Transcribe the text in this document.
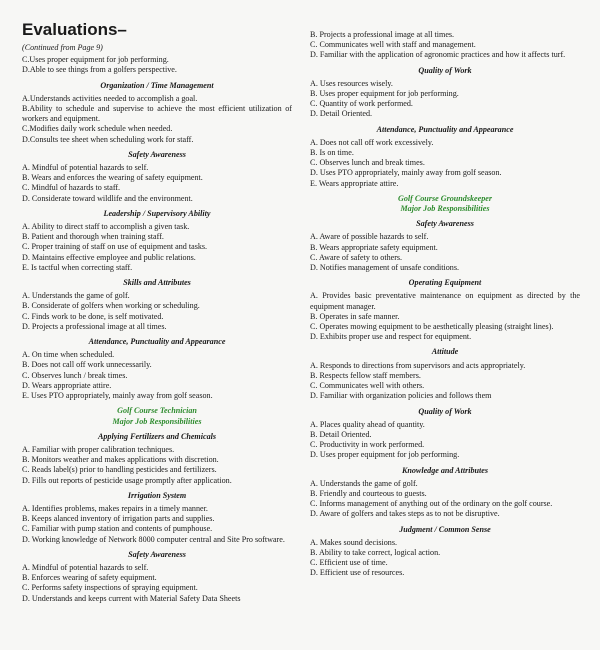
Evaluations–
(Continued from Page 9)

C.Uses proper equipment for job performing.

D.Able to see things from a golfers perspective.

Organization / Time Management

A.Understands activities needed to accomplish a goal.

B.Ability to schedule and supervise to achieve the most efficient utilization of workers and equipment.

C.Modifies daily work schedule when needed.

D.Consults tee sheet when scheduling work for staff.

Safety Awareness

A. Mindful of potential hazards to self.

B. Wears and enforces the wearing of safety equipment.

C. Mindful of hazards to staff.

D. Considerate toward wildlife and the environment.

Leadership / Supervisory Ability

A. Ability to direct staff to accomplish a given task.

B. Patient and thorough when training staff.

C. Proper training of staff on use of equipment and tasks.

D. Maintains effective employee and public relations.

E. Is tactful when correcting staff.

Skills and Attributes

A. Understands the game of golf.

B. Considerate of golfers when working or scheduling.

C. Finds work to be done, is self motivated.

D. Projects a professional image at all times.

Attendance, Punctuality and Appearance

A. On time when scheduled.

B. Does not call off work unnecessarily.

C. Observes lunch / break times.

D. Wears appropriate attire.

E. Uses PTO appropriately, mainly away from golf season.

Golf Course Technician
Major Job Responsibilities
Applying Fertilizers and Chemicals

A. Familiar with proper calibration techniques.

B. Monitors weather and makes applications with discretion.

C. Reads label(s) prior to handling pesticides and fertilizers.

D. Fills out reports of pesticide usage promptly after application.

Irrigation System

A. Identifies problems, makes repairs in a timely manner.

B. Keeps alanced inventory of irrigation parts and supplies.

C. Familiar with pump station and contents of pumphouse.

D. Working knowledge of Network 8000 computer central and Site Pro software.

Safety Awareness

A. Mindful of potential hazards to self.

B. Enforces wearing of safety equipment.

C. Performs safety inspections of spraying equipment.

D. Understands and keeps current with Material Safety Data Sheets

B. Projects a professional image at all times.

C. Communicates well with staff and management.

D. Familiar with the application of agronomic practices and how it affects turf.

Quality of Work

A. Uses resources wisely.

B. Uses proper equipment for job performing.

C. Quantity of work performed.

D. Detail Oriented.

Attendance, Punctuality and Appearance

A. Does not call off work excessively.

B. Is on time.

C. Observes lunch and break times.

D. Uses PTO appropriately, mainly away from golf season.

E. Wears appropriate attire.

Golf Course Groundskeeper
Major Job Responsibilities
Safety Awareness

A. Aware of possible hazards to self.

B. Wears appropriate safety equipment.

C. Aware of safety to others.

D. Notifies management of unsafe conditions.

Operating Equipment

A. Provides basic preventative maintenance on equipment as directed by the equipment manager.

B. Operates in safe manner.

C. Operates mowing equipment to be aesthetically pleasing (straight lines).

D. Exhibits proper use and respect for equipment.

Attitude

A. Responds to directions from supervisors and acts appropriately.

B. Respects fellow staff members.

C. Communicates well with others.

D. Familiar with organization policies and follows them

Quality of Work

A. Places quality ahead of quantity.

B. Detail Oriented.

C. Productivity in work performed.

D. Uses proper equipment for job performing.

Knowledge and Attributes

A. Understands the game of golf.

B. Friendly and courteous to guests.

C. Informs management of anything out of the ordinary on the golf course.

D. Aware of golfers and takes steps as to not be disruptive.

Judgment / Common Sense

A. Makes sound decisions.

B. Ability to take correct, logical action.

C. Efficient use of time.

D. Efficient use of resources.
